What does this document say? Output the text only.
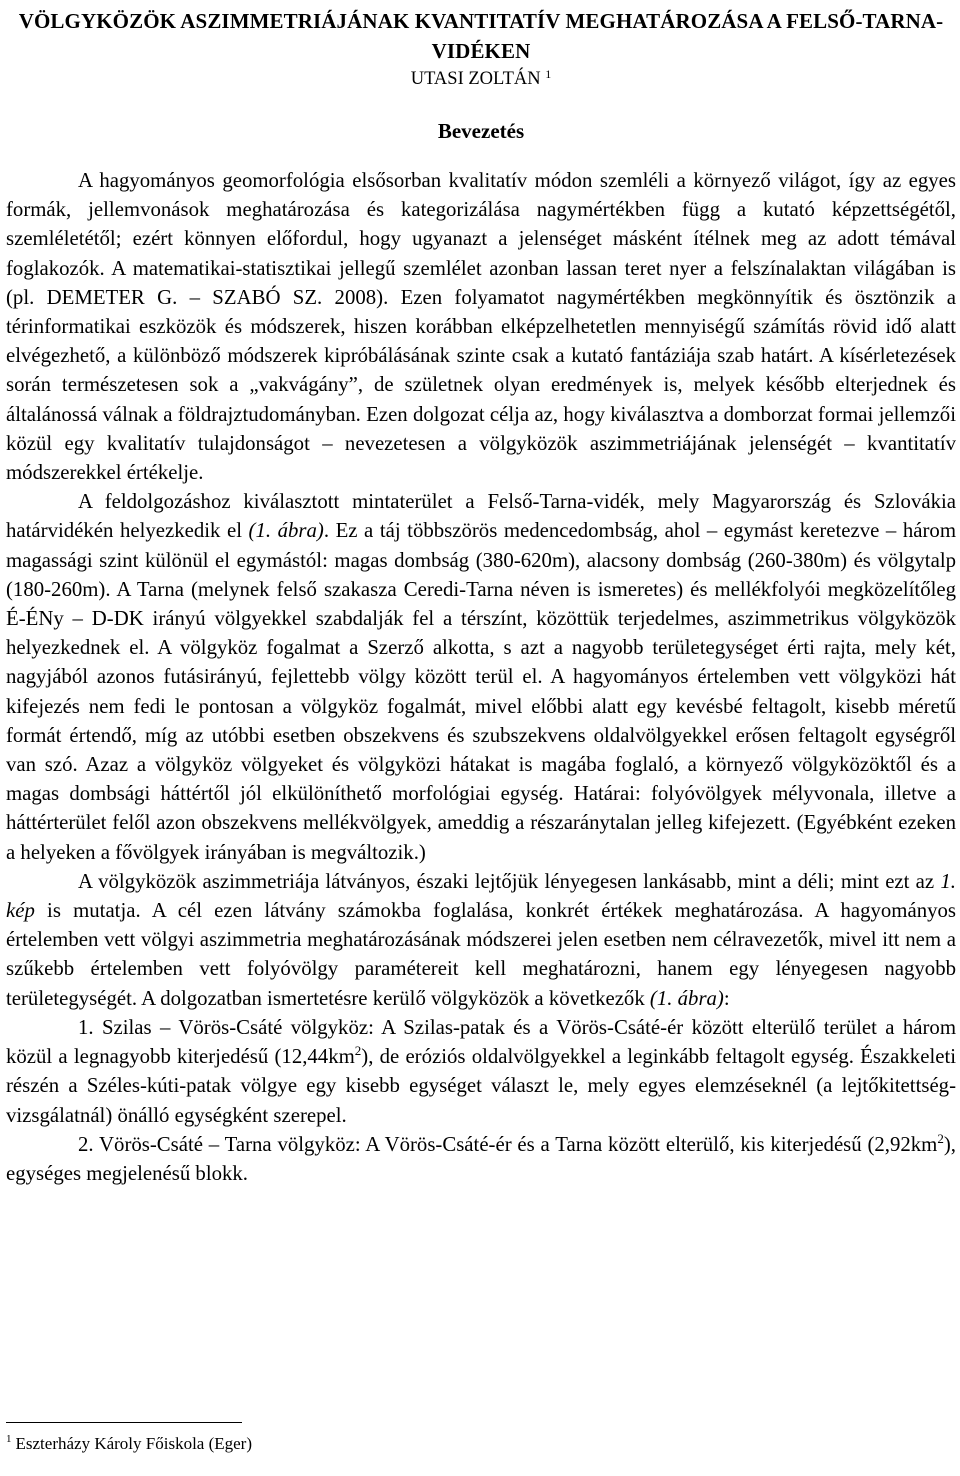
VÖLGYKÖZÖK ASZIMMETRIÁJÁNAK KVANTITATÍV MEGHATÁROZÁSA A FELSŐ-TARNA-VIDÉKEN
UTASI ZOLTÁN $^1$
Bevezetés

A hagyományos geomorfológia elsősorban kvalitatív módon szemléli a környező világot, így az egyes formák, jellemvonások meghatározása és kategorizálása nagymértékben függ a kutató képzettségétől, szemléletétől; ezért könnyen előfordul, hogy ugyanazt a jelenséget másként ítélnek meg az adott témával foglakozók. A matematikai-statisztikai jellegű szemlélet azonban lassan teret nyer a felszínalaktan világában is (pl. DEMETER G. – SZABÓ SZ. 2008). Ezen folyamatot nagymértékben megkönnyítik és ösztönzik a térinformatikai eszközök és módszerek, hiszen korábban elképzelhetetlen mennyiségű számítás rövid idő alatt elvégezhető, a különböző módszerek kipróbálásának szinte csak a kutató fantáziája szab határt. A kísérletezések során természetesen sok a „vakvágány”, de születnek olyan eredmények is, melyek később elterjednek és általánossá válnak a földrajztudományban. Ezen dolgozat célja az, hogy kiválasztva a domborzat formai jellemzői közül egy kvalitatív tulajdonságot – nevezetesen a völgyközök aszimmetriájának jelenségét – kvantitatív módszerekkel értékelje.

A feldolgozáshoz kiválasztott mintaterület a Felső-Tarna-vidék, mely Magyarország és Szlovákia határvidékén helyezkedik el (1. ábra). Ez a táj többszörös medencedombság, ahol – egymást keretezve – három magassági szint különül el egymástól: magas dombság (380-620m), alacsony dombság (260-380m) és völgytalp (180-260m). A Tarna (melynek felső szakasza Ceredi-Tarna néven is ismeretes) és mellékfolyói megközelítőleg É-ÉNy – D-DK irányú völgyekkel szabdalják fel a térszínt, közöttük terjedelmes, aszimmetrikus völgyközök helyezkednek el. A völgyköz fogalmat a Szerző alkotta, s azt a nagyobb területegységet érti rajta, mely két, nagyjából azonos futásirányú, fejlettebb völgy között terül el. A hagyományos értelemben vett völgyközi hát kifejezés nem fedi le pontosan a völgyköz fogalmát, mivel előbbi alatt egy kevésbé feltagolt, kisebb méretű formát értendő, míg az utóbbi esetben obszekvens és szubszekvens oldalvölgyekkel erősen feltagolt egységről van szó. Azaz a völgyköz völgyeket és völgyközi hátakat is magába foglaló, a környező völgyközöktől és a magas dombsági háttértől jól elkülöníthető morfológiai egység. Határai: folyóvölgyek mélyvonala, illetve a háttérterület felől azon obszekvens mellékvölgyek, ameddig a részaránytalan jelleg kifejezett. (Egyébként ezeken a helyeken a fővölgyek irányában is megváltozik.)

A völgyközök aszimmetriája látványos, északi lejtőjük lényegesen lankásabb, mint a déli; mint ezt az 1. kép is mutatja. A cél ezen látvány számokba foglalása, konkrét értékek meghatározása. A hagyományos értelemben vett völgyi aszimmetria meghatározásának módszerei jelen esetben nem célravezetők, mivel itt nem a szűkebb értelemben vett folyóvölgy paramétereit kell meghatározni, hanem egy lényegesen nagyobb területegységét. A dolgozatban ismertetésre kerülő völgyközök a következők (1. ábra):

1. Szilas – Vörös-Csáté völgyköz: A Szilas-patak és a Vörös-Csáté-ér között elterülő terület a három közül a legnagyobb kiterjedésű $(12,44km^2)$, de eróziós oldalvölgyekkel a leginkább feltagolt egység. Északkeleti részén a Széles-kúti-patak völgye egy kisebb egységet választ le, mely egyes elemzéseknél (a lejtőkitettség-vizsgálatnál) önálló egységként szerepel.

2. Vörös-Csáté – Tarna völgyköz: A Vörös-Csáté-ér és a Tarna között elterülő, kis kiterjedésű $(2,92km^2)$, egységes megjelenésű blokk.

$^1$ Eszterházy Károly Főiskola (Eger)
